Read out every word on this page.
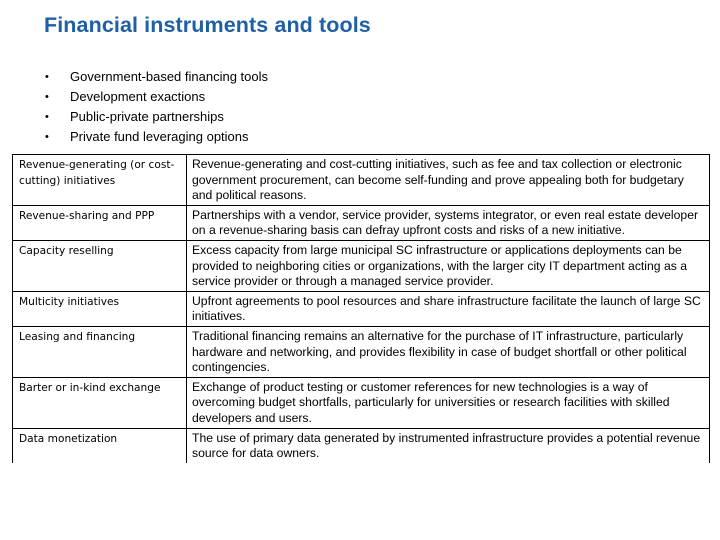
Financial instruments and tools
• Government-based financing tools
• Development exactions
• Public-private partnerships
• Private fund leveraging options
Revenue-generating (or cost-cutting) initiatives	Revenue-generating and cost-cutting initiatives, such as fee and tax collection or electronic government procurement, can become self-funding and prove appealing both for budgetary and political reasons.
Revenue-sharing and PPP	Partnerships with a vendor, service provider, systems integrator, or even real estate developer on a revenue-sharing basis can defray upfront costs and risks of a new initiative.
Capacity reselling	Excess capacity from large municipal SC infrastructure or applications deployments can be provided to neighboring cities or organizations, with the larger city IT department acting as a service provider or through a managed service provider.
Multicity initiatives	Upfront agreements to pool resources and share infrastructure facilitate the launch of large SC initiatives.
Leasing and financing	Traditional financing remains an alternative for the purchase of IT infrastructure, particularly hardware and networking, and provides flexibility in case of budget shortfall or other political contingencies.
Barter or in-kind exchange	Exchange of product testing or customer references for new technologies is a way of overcoming budget shortfalls, particularly for universities or research facilities with skilled developers and users.
Data monetization	The use of primary data generated by instrumented infrastructure provides a potential revenue source for data owners.
